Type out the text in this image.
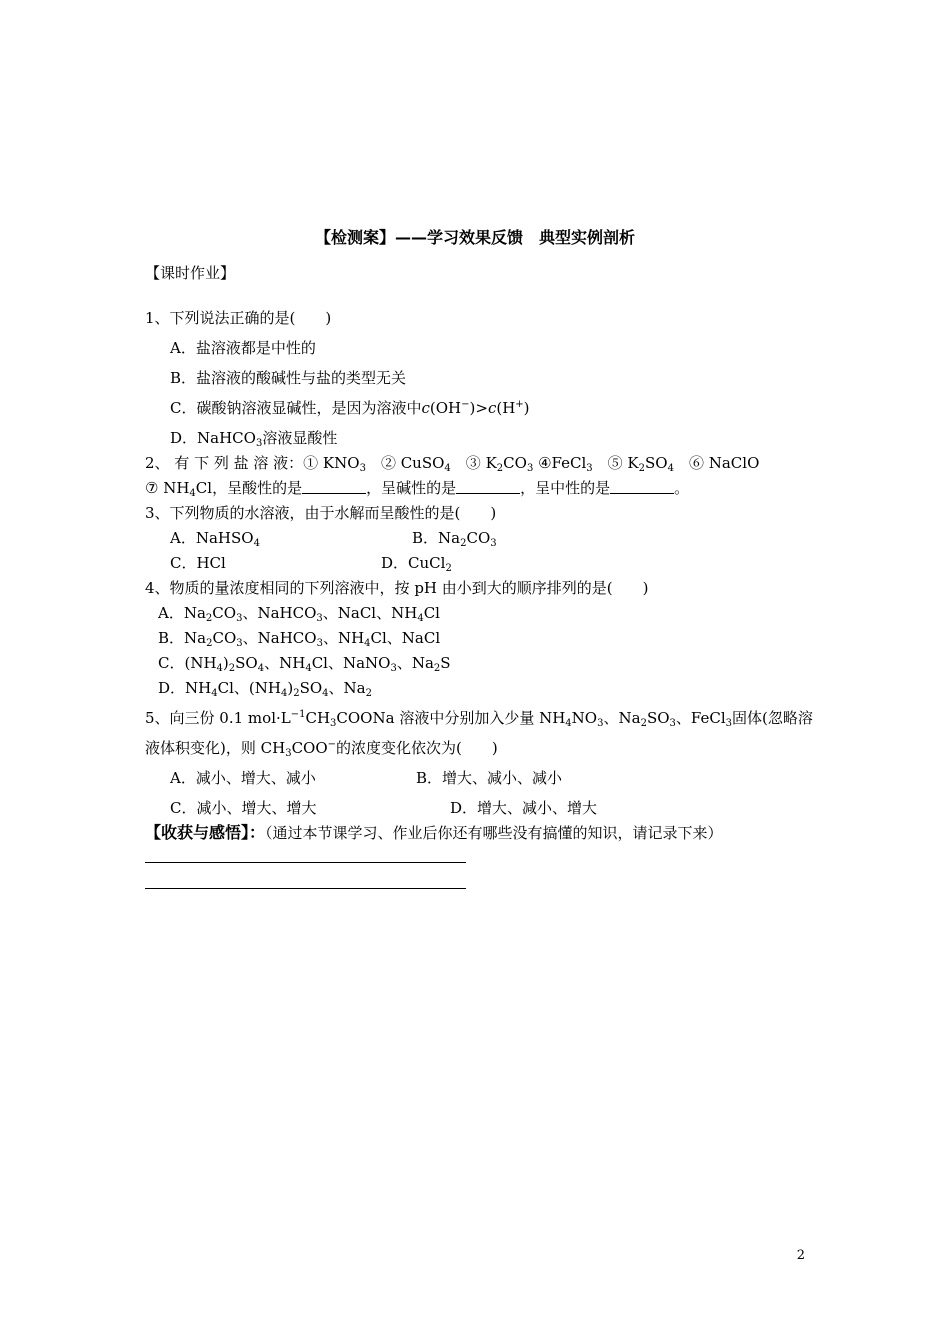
【检测案】——学习效果反馈　典型实例剖析
【课时作业】
1、下列说法正确的是(　　)
A．盐溶液都是中性的
B．盐溶液的酸碱性与盐的类型无关
C．碳酸钠溶液显碱性，是因为溶液中c(OH−)>c(H+)
D．NaHCO$_3$溶液显酸性
2、 有 下 列 盐 溶 液：① $KNO_3$　② CuSO$_4$　③ $K_2CO_3$ ④FeCl$_3$　⑤ $K_2SO_4$　⑥ NaClO
⑦ $NH_4Cl$，呈酸性的是	，呈碱性的是	，呈中性的是	。
3、下列物质的水溶液，由于水解而呈酸性的是(　　)
A．NaHSO$_4$	B．$Na_2CO_3$
C．HCl	D．CuCl$_2$
4、物质的量浓度相同的下列溶液中，按 pH 由小到大的顺序排列的是(　　)
A．$Na_2CO_3$、NaHCO$_3$、NaCl、$NH_4Cl$
B．$Na_2CO_3$、NaHCO$_3$、$NH_4Cl$、NaCl
C．$(NH_4)_2SO_4$、$NH_4Cl$、NaNO$_3$、$Na_2S$
D．$NH_4Cl$、$(NH_4)_2SO_4$、$Na_2$
5、向三份 0.1 $mol\cdot L^{-1}CH_3COONa$ 溶液中分别加入少量 $NH_4NO_3$、$Na_2SO_3$、FeCl$_3$固体(忽略溶
液体积变化)，则 $CH_3COO^-$的浓度变化依次为(　　)
A．减小、增大、减小	B．增大、减小、减小
C．减小、增大、增大	D．增大、减小、增大
【收获与感悟】：（通过本节课学习、作业后你还有哪些没有搞懂的知识，请记录下来）
2
